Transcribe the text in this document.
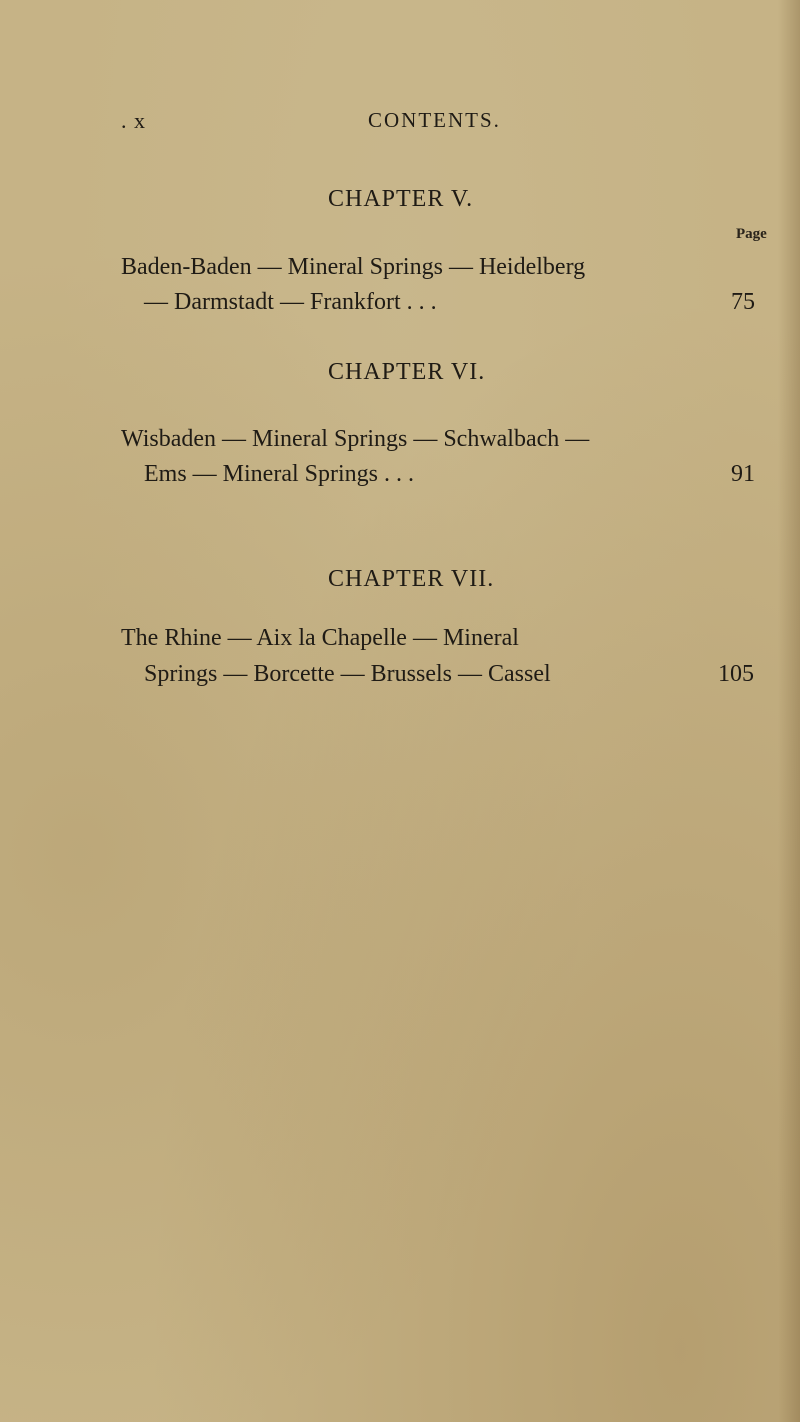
. x	CONTENTS.
CHAPTER V.
Page
Baden-Baden — Mineral Springs — Heidelberg
— Darmstadt — Frankfort . . .	75
CHAPTER VI.
Wisbaden — Mineral Springs — Schwalbach —
Ems — Mineral Springs . . .	91
CHAPTER VII.
The Rhine — Aix la Chapelle — Mineral
Springs — Borcette — Brussels — Cassel	105
